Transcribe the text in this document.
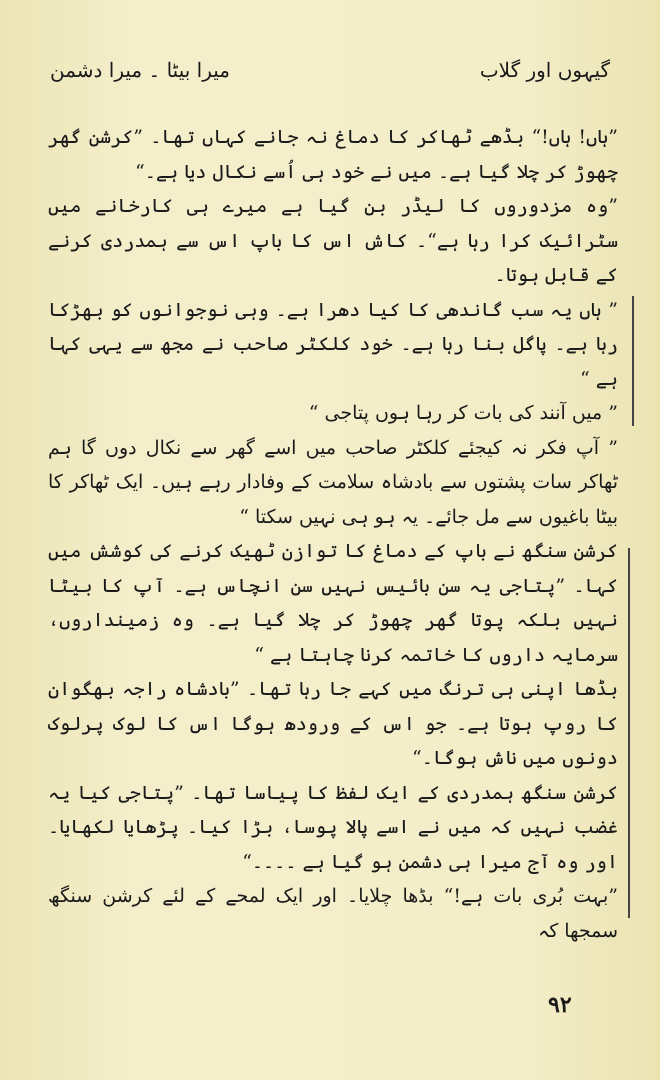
میرا بیٹا ۔ میرا دشمن	گیہوں اور گلاب

”ہاں! ہاں!“ بڈھے ٹھاکر کا دماغ نہ جانے کہاں تھا۔ ”کرشن گھر چھوڑ کر چلا گیا ہے۔ میں نے خود ہی اُسے نکال دیا ہے۔“

”وہ مزدوروں کا لیڈر بن گیا ہے میرے ہی کارخانے میں سٹرائیک کرا رہا ہے“۔ کاش اس کا باپ اس سے ہمدردی کرنے کے قابل ہوتا۔

” ہاں یہ سب گاندھی کا کیا دھرا ہے۔ وہی نوجوانوں کو بھڑکا رہا ہے۔ پاگل بنا رہا ہے۔ خود کلکٹر صاحب نے مجھ سے یہی کہا ہے “

” میں آنند کی بات کر رہا ہوں پتاجی “

” آپ فکر نہ کیجئے کلکٹر صاحب میں اسے گھر سے نکال دوں گا ہم ٹھاکر سات پشتوں سے بادشاہ سلامت کے وفادار رہے ہیں۔ ایک ٹھاکر کا بیٹا باغیوں سے مل جائے۔ یہ ہو ہی نہیں سکتا “

کرشن سنگھ نے باپ کے دماغ کا توازن ٹھیک کرنے کی کوشش میں کہا۔ ”پتاجی یہ سن بائیس نہیں سن انچاس ہے۔ آپ کا بیٹا نہیں بلکہ پوتا گھر چھوڑ کر چلا گیا ہے۔ وہ زمینداروں، سرمایہ داروں کا خاتمہ کرنا چاہتا ہے “

بڈھا اپنی ہی ترنگ میں کہے جا رہا تھا۔ ”بادشاہ راجہ بھگوان کا روپ ہوتا ہے۔ جو اس کے ورودھ ہوگا اس کا لوک پرلوک دونوں میں ناش ہوگا۔“

کرشن سنگھ ہمدردی کے ایک لفظ کا پیاسا تھا۔ ”پتاجی کیا یہ غضب نہیں کہ میں نے اسے پالا پوسا، بڑا کیا۔ پڑھایا لکھایا۔ اور وہ آج میرا ہی دشمن ہو گیا ہے ۔۔۔۔“

”بہت بُری بات ہے!“ بڈھا چلایا۔ اور ایک لمحے کے لئے کرشن سنگھ سمجھا کہ

۹۲
